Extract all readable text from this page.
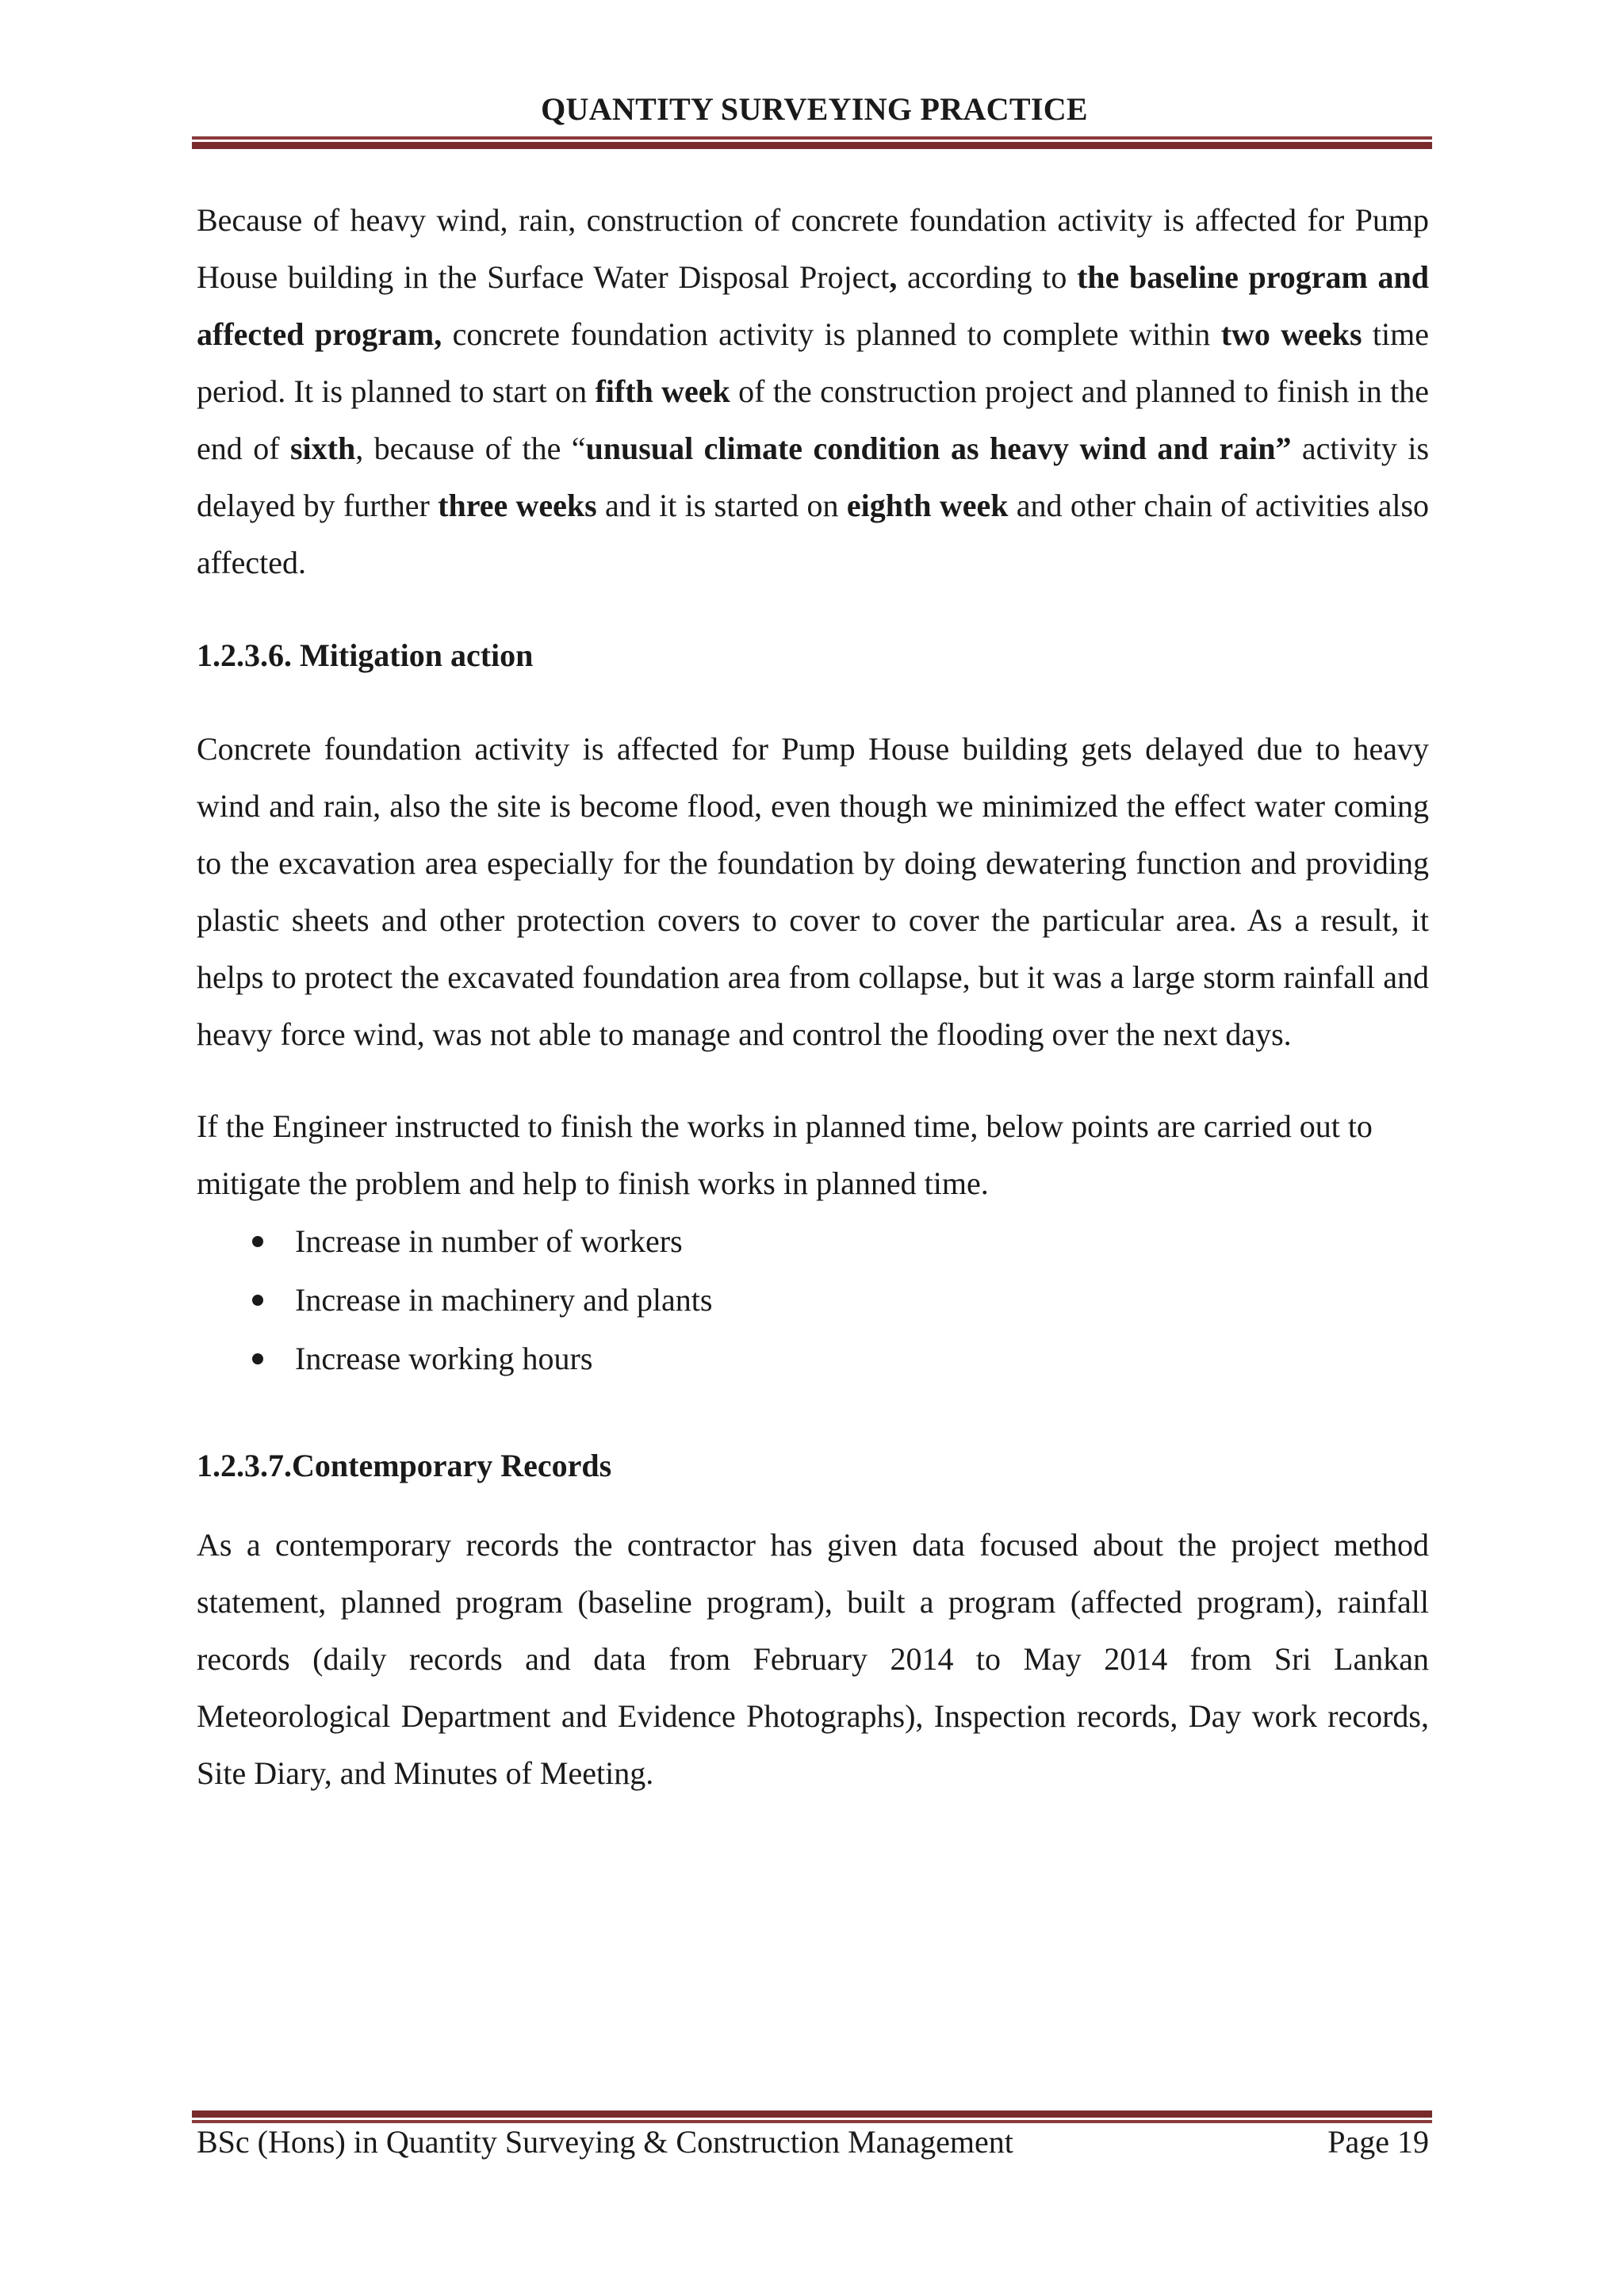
QUANTITY SURVEYING PRACTICE

Because of heavy wind, rain, construction of concrete foundation activity is affected for Pump House building in the Surface Water Disposal Project, according to the baseline program and affected program, concrete foundation activity is planned to complete within two weeks time period. It is planned to start on fifth week of the construction project and planned to finish in the end of sixth, because of the “unusual climate condition as heavy wind and rain” activity is delayed by further three weeks and it is started on eighth week and other chain of activities also affected.

1.2.3.6. Mitigation action

Concrete foundation activity is affected for Pump House building gets delayed due to heavy wind and rain, also the site is become flood, even though we minimized the effect water coming to the excavation area especially for the foundation by doing dewatering function and providing plastic sheets and other protection covers to cover to cover the particular area. As a result, it helps to protect the excavated foundation area from collapse, but it was a large storm rainfall and heavy force wind, was not able to manage and control the flooding over the next days.

If the Engineer instructed to finish the works in planned time, below points are carried out to mitigate the problem and help to finish works in planned time.

Increase in number of workers
Increase in machinery and plants
Increase working hours
1.2.3.7.Contemporary Records

As a contemporary records the contractor has given data focused about the project method statement, planned program (baseline program), built a program (affected program), rainfall records (daily records and data from February 2014 to May 2014 from Sri Lankan Meteorological Department and Evidence Photographs), Inspection records, Day work records, Site Diary, and Minutes of Meeting.

BSc (Hons) in Quantity Surveying & Construction Management	Page 19
